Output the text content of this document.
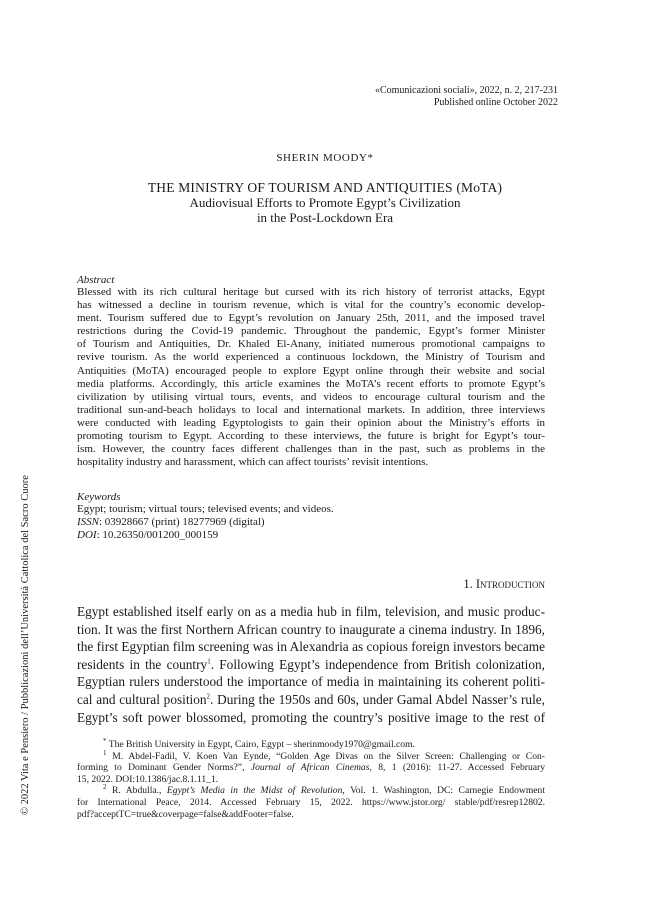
«Comunicazioni sociali», 2022, n. 2, 217-231
Published online October 2022
SHERIN MOODY*
THE MINISTRY OF TOURISM AND ANTIQUITIES (MoTA)
Audiovisual Efforts to Promote Egypt’s Civilization
in the Post-Lockdown Era
Abstract
Blessed with its rich cultural heritage but cursed with its rich history of terrorist attacks, Egypt
has witnessed a decline in tourism revenue, which is vital for the country’s economic develop-
ment. Tourism suffered due to Egypt’s revolution on January 25th, 2011, and the imposed travel
restrictions during the Covid-19 pandemic. Throughout the pandemic, Egypt’s former Minister
of Tourism and Antiquities, Dr. Khaled El-Anany, initiated numerous promotional campaigns to
revive tourism. As the world experienced a continuous lockdown, the Ministry of Tourism and
Antiquities (MoTA) encouraged people to explore Egypt online through their website and social
media platforms. Accordingly, this article examines the MoTA’s recent efforts to promote Egypt’s
civilization by utilising virtual tours, events, and videos to encourage cultural tourism and the
traditional sun-and-beach holidays to local and international markets. In addition, three interviews
were conducted with leading Egyptologists to gain their opinion about the Ministry’s efforts in
promoting tourism to Egypt. According to these interviews, the future is bright for Egypt’s tour-
ism. However, the country faces different challenges than in the past, such as problems in the
hospitality industry and harassment, which can affect tourists’ revisit intentions.
Keywords
Egypt; tourism; virtual tours; televised events; and videos.
ISSN: 03928667 (print) 18277969 (digital)
DOI: 10.26350/001200_000159
1. Introduction
Egypt established itself early on as a media hub in film, television, and music produc-
tion. It was the first Northern African country to inaugurate a cinema industry. In 1896,
the first Egyptian film screening was in Alexandria as copious foreign investors became
residents in the country$^1$. Following Egypt’s independence from British colonization,
Egyptian rulers understood the importance of media in maintaining its coherent politi-
cal and cultural position$^2$. During the 1950s and 60s, under Gamal Abdel Nasser’s rule,
Egypt’s soft power blossomed, promoting the country’s positive image to the rest of
* The British University in Egypt, Cairo, Egypt – sherinmoody1970@gmail.com.
$^1$ M. Abdel-Fadil, V. Koen Van Eynde, “Golden Age Divas on the Silver Screen: Challenging or Con-
forming to Dominant Gender Norms?”, Journal of African Cinemas, 8, 1 (2016): 11-27. Accessed February
15, 2022. DOI:10.1386/jac.8.1.11_1.
$^2$ R. Abdulla., Egypt’s Media in the Midst of Revolution, Vol. 1. Washington, DC: Carnegie Endowment
for International Peace, 2014. Accessed February 15, 2022. https://www.jstor.org/ stable/pdf/resrep12802.
pdf?acceptTC=true&coverpage=false&addFooter=false.
© 2022 Vita e Pensiero / Pubblicazioni dell’Università Cattolica del Sacro Cuore
